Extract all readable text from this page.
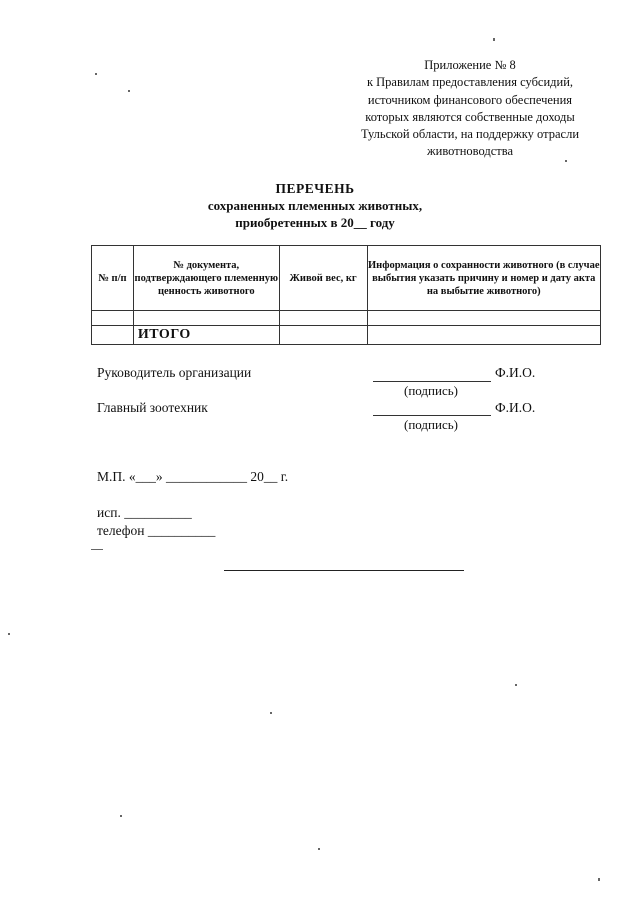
Приложение № 8
к Правилам предоставления субсидий,
источником финансового обеспечения
которых являются собственные доходы
Тульской области, на поддержку отрасли
животноводства
ПЕРЕЧЕНЬ
сохраненных племенных животных,
приобретенных в 20__ году
№ п/п	№ документа, подтверждающего племенную ценность животного	Живой вес, кг	Информация о сохранности животного (в случае выбытия указать причину и номер и дату акта на выбытие животного)

	ИТОГО		
Руководитель организации	Ф.И.О.
(подпись)
Главный зоотехник	Ф.И.О.
(подпись)
М.П. «___» ____________ 20__ г.
исп. __________
телефон __________
